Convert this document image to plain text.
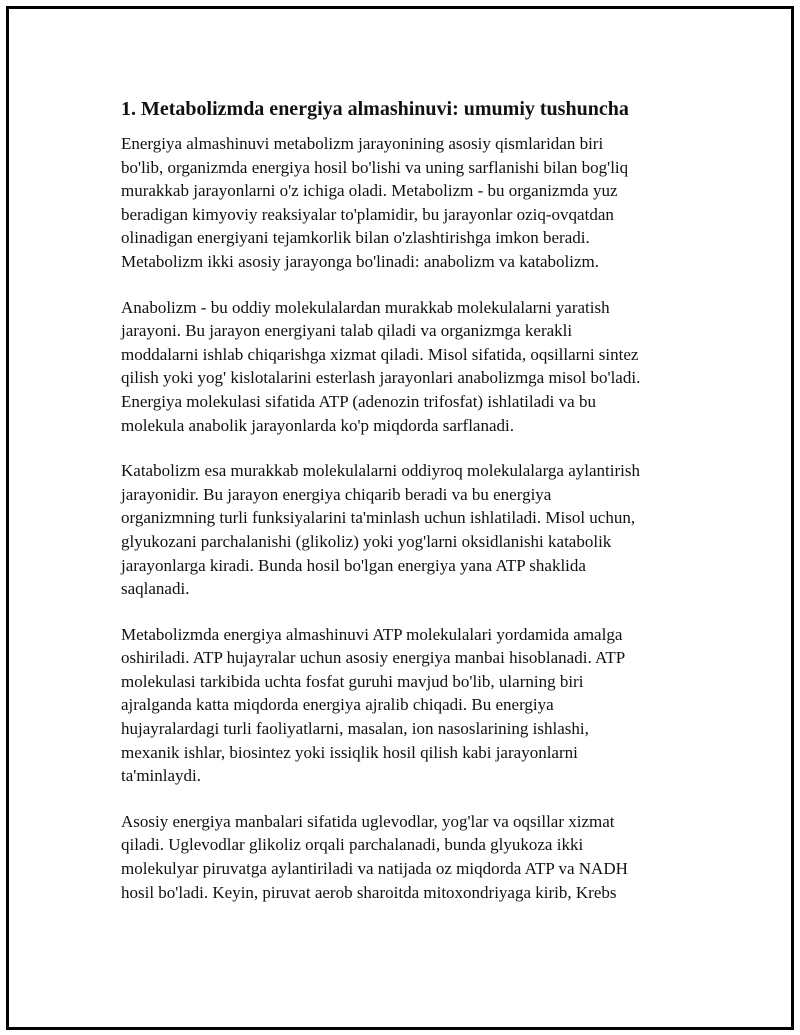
1. Metabolizmda energiya almashinuvi: umumiy tushuncha

Energiya almashinuvi metabolizm jarayonining asosiy qismlaridan biri
bo'lib, organizmda energiya hosil bo'lishi va uning sarflanishi bilan bog'liq
murakkab jarayonlarni o'z ichiga oladi. Metabolizm - bu organizmda yuz
beradigan kimyoviy reaksiyalar to'plamidir, bu jarayonlar oziq-ovqatdan
olinadigan energiyani tejamkorlik bilan o'zlashtirishga imkon beradi.
Metabolizm ikki asosiy jarayonga bo'linadi: anabolizm va katabolizm.

Anabolizm - bu oddiy molekulalardan murakkab molekulalarni yaratish
jarayoni. Bu jarayon energiyani talab qiladi va organizmga kerakli
moddalarni ishlab chiqarishga xizmat qiladi. Misol sifatida, oqsillarni sintez
qilish yoki yog' kislotalarini esterlash jarayonlari anabolizmga misol bo'ladi.
Energiya molekulasi sifatida ATP (adenozin trifosfat) ishlatiladi va bu
molekula anabolik jarayonlarda ko'p miqdorda sarflanadi.

Katabolizm esa murakkab molekulalarni oddiyroq molekulalarga aylantirish
jarayonidir. Bu jarayon energiya chiqarib beradi va bu energiya
organizmning turli funksiyalarini ta'minlash uchun ishlatiladi. Misol uchun,
glyukozani parchalanishi (glikoliz) yoki yog'larni oksidlanishi katabolik
jarayonlarga kiradi. Bunda hosil bo'lgan energiya yana ATP shaklida
saqlanadi.

Metabolizmda energiya almashinuvi ATP molekulalari yordamida amalga
oshiriladi. ATP hujayralar uchun asosiy energiya manbai hisoblanadi. ATP
molekulasi tarkibida uchta fosfat guruhi mavjud bo'lib, ularning biri
ajralganda katta miqdorda energiya ajralib chiqadi. Bu energiya
hujayralardagi turli faoliyatlarni, masalan, ion nasoslarining ishlashi,
mexanik ishlar, biosintez yoki issiqlik hosil qilish kabi jarayonlarni
ta'minlaydi.

Asosiy energiya manbalari sifatida uglevodlar, yog'lar va oqsillar xizmat
qiladi. Uglevodlar glikoliz orqali parchalanadi, bunda glyukoza ikki
molekulyar piruvatga aylantiriladi va natijada oz miqdorda ATP va NADH
hosil bo'ladi. Keyin, piruvat aerob sharoitda mitoxondriyaga kirib, Krebs
